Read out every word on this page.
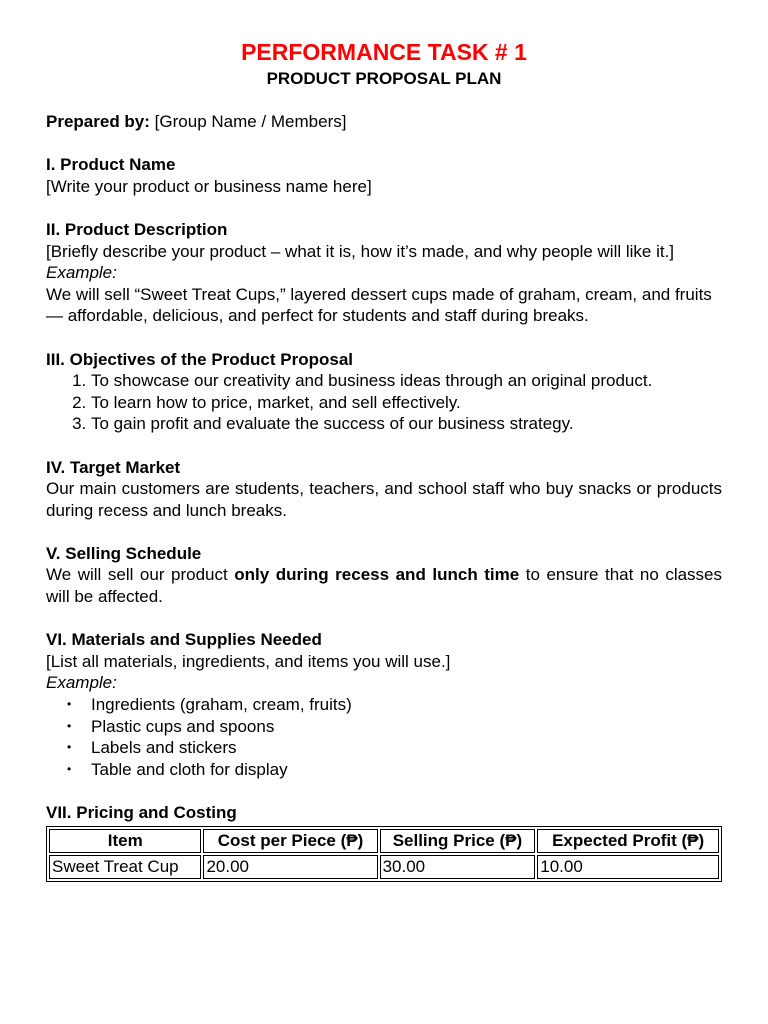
PERFORMANCE TASK # 1
PRODUCT PROPOSAL PLAN
Prepared by: [Group Name / Members]
I. Product Name
[Write your product or business name here]
II. Product Description
[Briefly describe your product – what it is, how it’s made, and why people will like it.]
Example:
We will sell “Sweet Treat Cups,” layered dessert cups made of graham, cream, and fruits — affordable, delicious, and perfect for students and staff during breaks.
III. Objectives of the Product Proposal
1. To showcase our creativity and business ideas through an original product.
2. To learn how to price, market, and sell effectively.
3. To gain profit and evaluate the success of our business strategy.
IV. Target Market
Our main customers are students, teachers, and school staff who buy snacks or products during recess and lunch breaks.
V. Selling Schedule
We will sell our product only during recess and lunch time to ensure that no classes will be affected.
VI. Materials and Supplies Needed
[List all materials, ingredients, and items you will use.]
Example:
• Ingredients (graham, cream, fruits)
• Plastic cups and spoons
• Labels and stickers
• Table and cloth for display
VII. Pricing and Costing
Item	Cost per Piece (₱)	Selling Price (₱)	Expected Profit (₱)
Sweet Treat Cup	20.00	30.00	10.00
